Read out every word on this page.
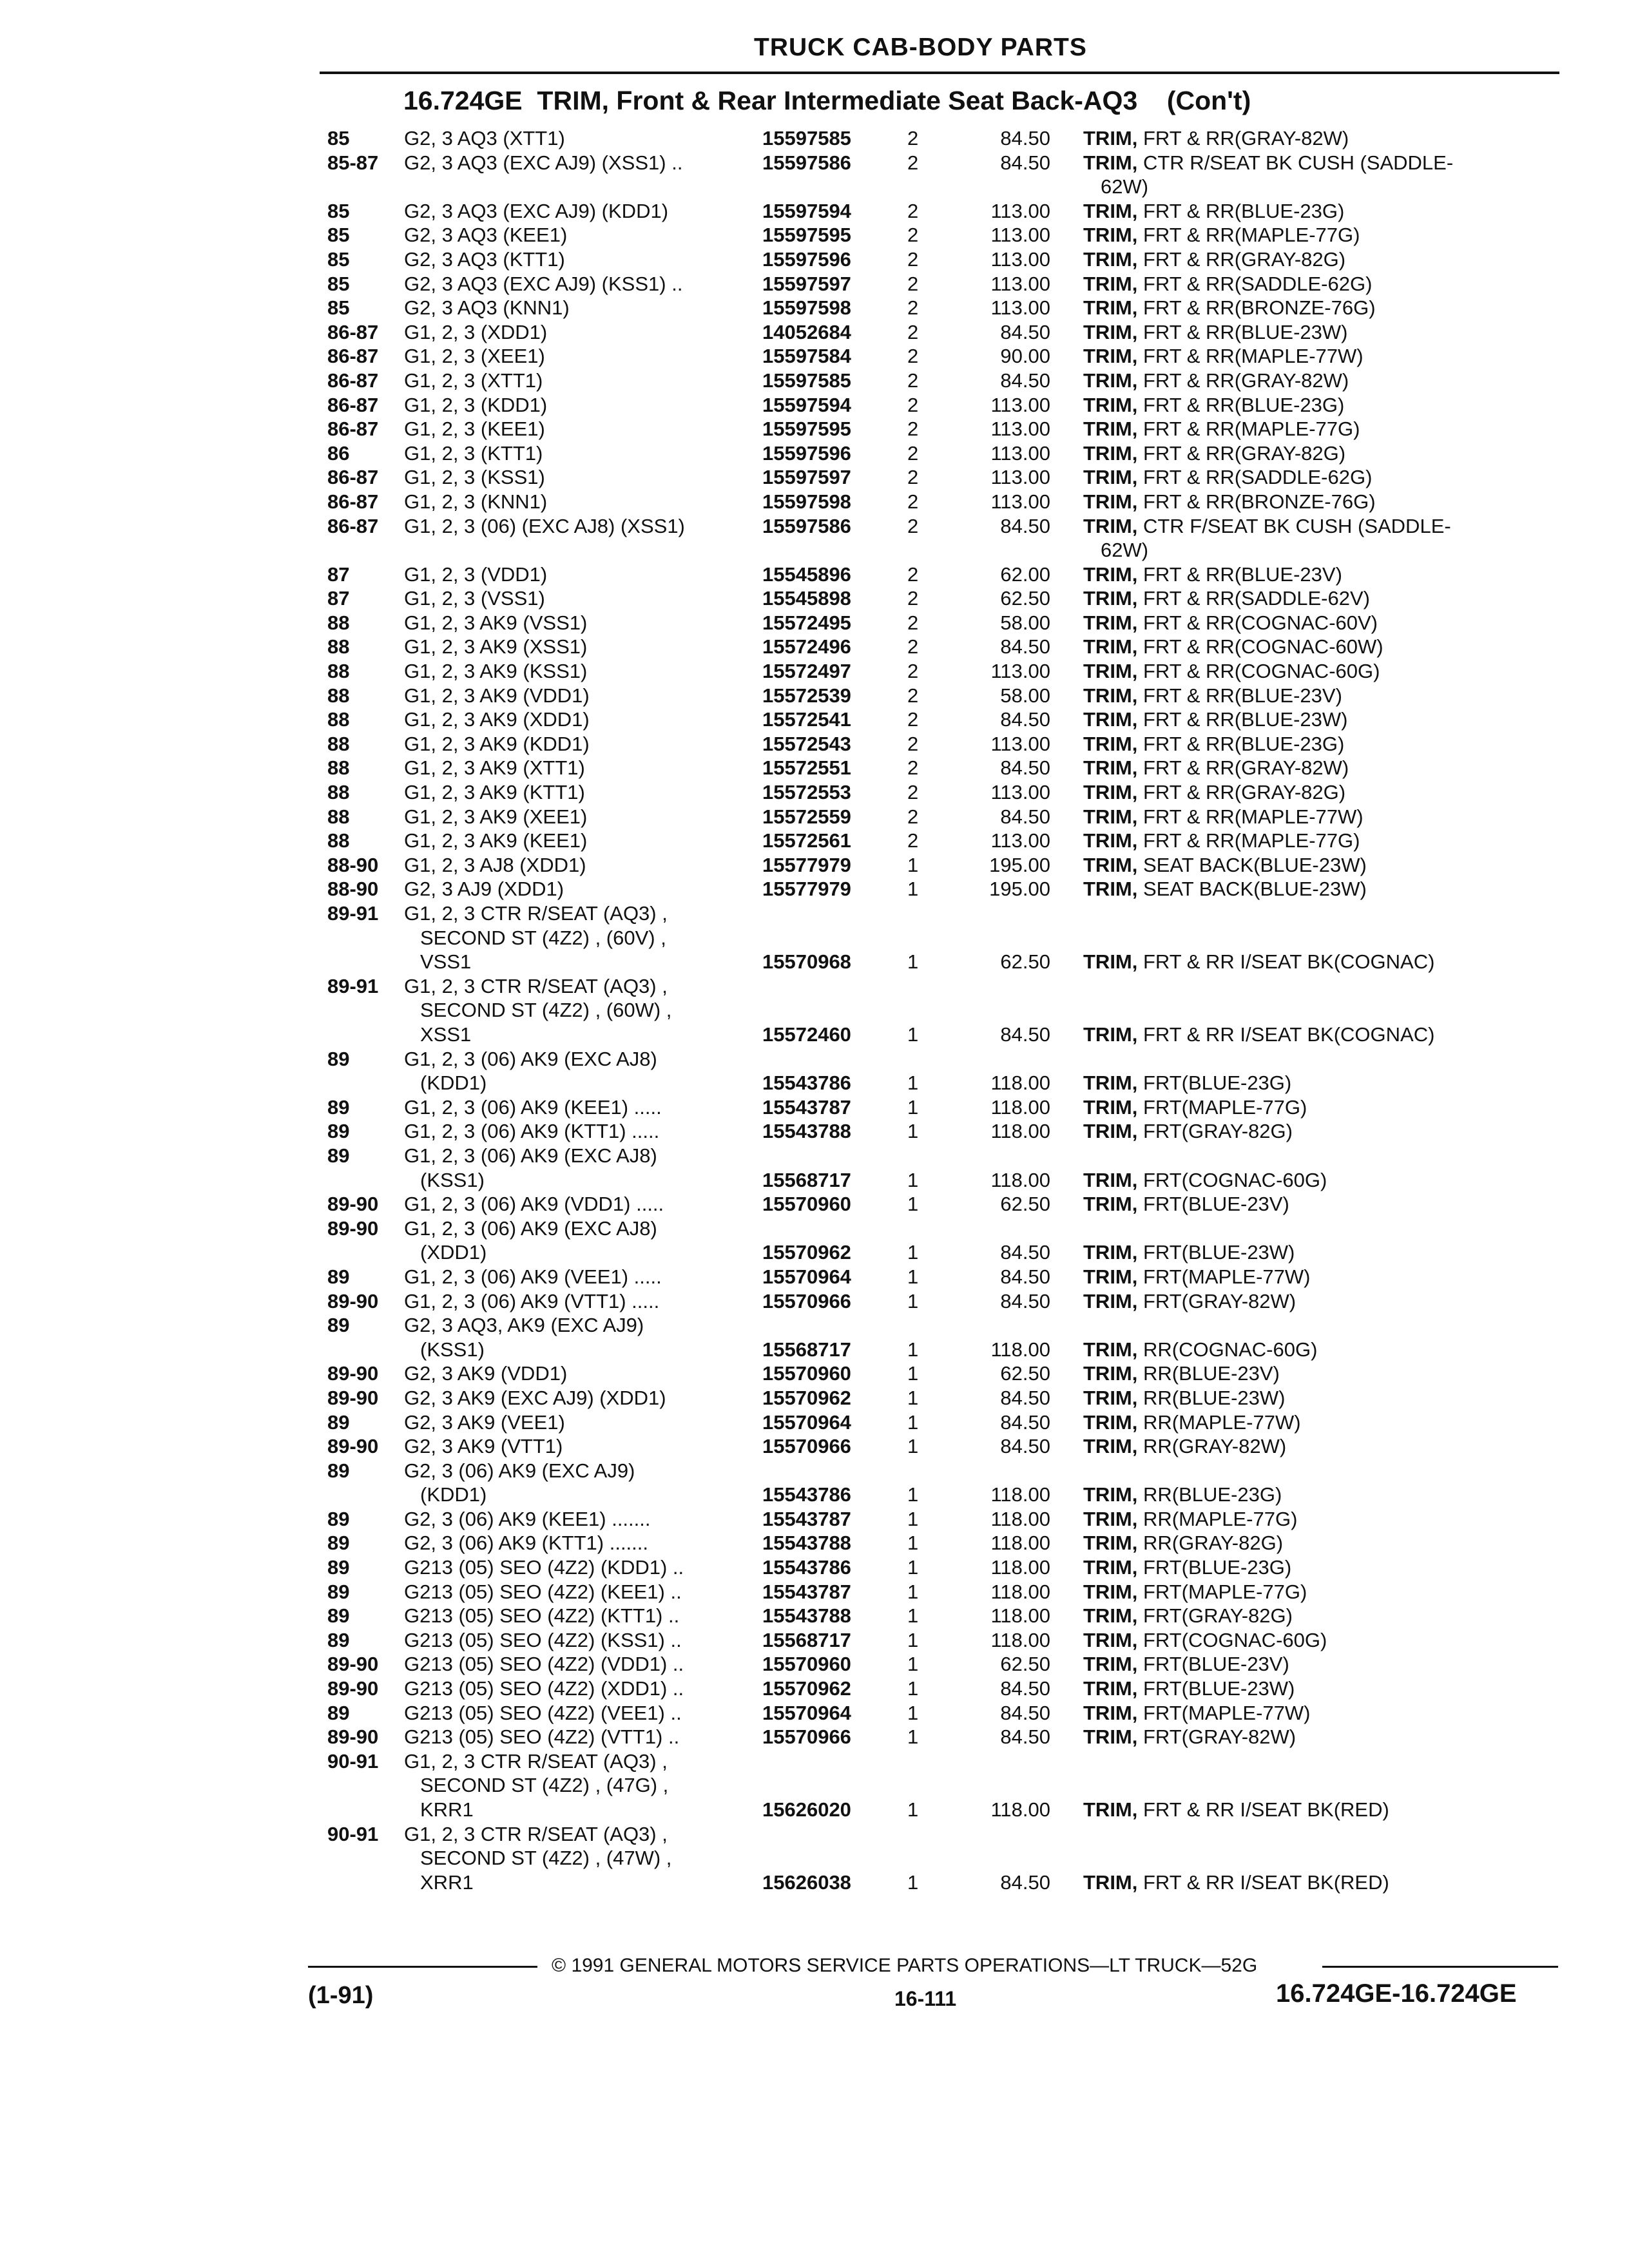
TRUCK CAB-BODY PARTS
16.724GE  TRIM, Front & Rear Intermediate Seat Back-AQ3    (Con't)
85	G2, 3 AQ3 (XTT1)	15597585	2	84.50 TRIM, FRT & RR(GRAY-82W)
85-87	G2, 3 AQ3 (EXC AJ9) (XSS1) ..	15597586	2	84.50 TRIM, CTR R/SEAT BK CUSH (SADDLE-
62W)
85	G2, 3 AQ3 (EXC AJ9) (KDD1)	15597594	2	113.00 TRIM, FRT & RR(BLUE-23G)
85	G2, 3 AQ3 (KEE1)	15597595	2	113.00 TRIM, FRT & RR(MAPLE-77G)
85	G2, 3 AQ3 (KTT1)	15597596	2	113.00 TRIM, FRT & RR(GRAY-82G)
85	G2, 3 AQ3 (EXC AJ9) (KSS1) ..	15597597	2	113.00 TRIM, FRT & RR(SADDLE-62G)
85	G2, 3 AQ3 (KNN1)	15597598	2	113.00 TRIM, FRT & RR(BRONZE-76G)
86-87	G1, 2, 3 (XDD1)	14052684	2	84.50 TRIM, FRT & RR(BLUE-23W)
86-87	G1, 2, 3 (XEE1)	15597584	2	90.00 TRIM, FRT & RR(MAPLE-77W)
86-87	G1, 2, 3 (XTT1)	15597585	2	84.50 TRIM, FRT & RR(GRAY-82W)
86-87	G1, 2, 3 (KDD1)	15597594	2	113.00 TRIM, FRT & RR(BLUE-23G)
86-87	G1, 2, 3 (KEE1)	15597595	2	113.00 TRIM, FRT & RR(MAPLE-77G)
86	G1, 2, 3 (KTT1)	15597596	2	113.00 TRIM, FRT & RR(GRAY-82G)
86-87	G1, 2, 3 (KSS1)	15597597	2	113.00 TRIM, FRT & RR(SADDLE-62G)
86-87	G1, 2, 3 (KNN1)	15597598	2	113.00 TRIM, FRT & RR(BRONZE-76G)
86-87	G1, 2, 3 (06) (EXC AJ8) (XSS1)	15597586	2	84.50 TRIM, CTR F/SEAT BK CUSH (SADDLE-
62W)
87	G1, 2, 3 (VDD1)	15545896	2	62.00 TRIM, FRT & RR(BLUE-23V)
87	G1, 2, 3 (VSS1)	15545898	2	62.50 TRIM, FRT & RR(SADDLE-62V)
88	G1, 2, 3 AK9 (VSS1)	15572495	2	58.00 TRIM, FRT & RR(COGNAC-60V)
88	G1, 2, 3 AK9 (XSS1)	15572496	2	84.50 TRIM, FRT & RR(COGNAC-60W)
88	G1, 2, 3 AK9 (KSS1)	15572497	2	113.00 TRIM, FRT & RR(COGNAC-60G)
88	G1, 2, 3 AK9 (VDD1)	15572539	2	58.00 TRIM, FRT & RR(BLUE-23V)
88	G1, 2, 3 AK9 (XDD1)	15572541	2	84.50 TRIM, FRT & RR(BLUE-23W)
88	G1, 2, 3 AK9 (KDD1)	15572543	2	113.00 TRIM, FRT & RR(BLUE-23G)
88	G1, 2, 3 AK9 (XTT1)	15572551	2	84.50 TRIM, FRT & RR(GRAY-82W)
88	G1, 2, 3 AK9 (KTT1)	15572553	2	113.00 TRIM, FRT & RR(GRAY-82G)
88	G1, 2, 3 AK9 (XEE1)	15572559	2	84.50 TRIM, FRT & RR(MAPLE-77W)
88	G1, 2, 3 AK9 (KEE1)	15572561	2	113.00 TRIM, FRT & RR(MAPLE-77G)
88-90	G1, 2, 3 AJ8 (XDD1)	15577979	1	195.00 TRIM, SEAT BACK(BLUE-23W)
88-90	G2, 3 AJ9 (XDD1)	15577979	1	195.00 TRIM, SEAT BACK(BLUE-23W)
89-91	G1, 2, 3 CTR R/SEAT (AQ3) ,
SECOND ST (4Z2) , (60V) ,
VSS1	15570968	1	62.50 TRIM, FRT & RR I/SEAT BK(COGNAC)
89-91	G1, 2, 3 CTR R/SEAT (AQ3) ,
SECOND ST (4Z2) , (60W) ,
XSS1	15572460	1	84.50 TRIM, FRT & RR I/SEAT BK(COGNAC)
89	G1, 2, 3 (06) AK9 (EXC AJ8)
(KDD1)	15543786	1	118.00 TRIM, FRT(BLUE-23G)
89	G1, 2, 3 (06) AK9 (KEE1) .....	15543787	1	118.00 TRIM, FRT(MAPLE-77G)
89	G1, 2, 3 (06) AK9 (KTT1) .....	15543788	1	118.00 TRIM, FRT(GRAY-82G)
89	G1, 2, 3 (06) AK9 (EXC AJ8)
(KSS1)	15568717	1	118.00 TRIM, FRT(COGNAC-60G)
89-90	G1, 2, 3 (06) AK9 (VDD1) .....	15570960	1	62.50 TRIM, FRT(BLUE-23V)
89-90	G1, 2, 3 (06) AK9 (EXC AJ8)
(XDD1)	15570962	1	84.50 TRIM, FRT(BLUE-23W)
89	G1, 2, 3 (06) AK9 (VEE1) .....	15570964	1	84.50 TRIM, FRT(MAPLE-77W)
89-90	G1, 2, 3 (06) AK9 (VTT1) .....	15570966	1	84.50 TRIM, FRT(GRAY-82W)
89	G2, 3 AQ3, AK9 (EXC AJ9)
(KSS1)	15568717	1	118.00 TRIM, RR(COGNAC-60G)
89-90	G2, 3 AK9 (VDD1)	15570960	1	62.50 TRIM, RR(BLUE-23V)
89-90	G2, 3 AK9 (EXC AJ9) (XDD1)	15570962	1	84.50 TRIM, RR(BLUE-23W)
89	G2, 3 AK9 (VEE1)	15570964	1	84.50 TRIM, RR(MAPLE-77W)
89-90	G2, 3 AK9 (VTT1)	15570966	1	84.50 TRIM, RR(GRAY-82W)
89	G2, 3 (06) AK9 (EXC AJ9)
(KDD1)	15543786	1	118.00 TRIM, RR(BLUE-23G)
89	G2, 3 (06) AK9 (KEE1) .......	15543787	1	118.00 TRIM, RR(MAPLE-77G)
89	G2, 3 (06) AK9 (KTT1) .......	15543788	1	118.00 TRIM, RR(GRAY-82G)
89	G213 (05) SEO (4Z2) (KDD1) ..	15543786	1	118.00 TRIM, FRT(BLUE-23G)
89	G213 (05) SEO (4Z2) (KEE1) ..	15543787	1	118.00 TRIM, FRT(MAPLE-77G)
89	G213 (05) SEO (4Z2) (KTT1) ..	15543788	1	118.00 TRIM, FRT(GRAY-82G)
89	G213 (05) SEO (4Z2) (KSS1) ..	15568717	1	118.00 TRIM, FRT(COGNAC-60G)
89-90	G213 (05) SEO (4Z2) (VDD1) ..	15570960	1	62.50 TRIM, FRT(BLUE-23V)
89-90	G213 (05) SEO (4Z2) (XDD1) ..	15570962	1	84.50 TRIM, FRT(BLUE-23W)
89	G213 (05) SEO (4Z2) (VEE1) ..	15570964	1	84.50 TRIM, FRT(MAPLE-77W)
89-90	G213 (05) SEO (4Z2) (VTT1) ..	15570966	1	84.50 TRIM, FRT(GRAY-82W)
90-91	G1, 2, 3 CTR R/SEAT (AQ3) ,
SECOND ST (4Z2) , (47G) ,
KRR1	15626020	1	118.00 TRIM, FRT & RR I/SEAT BK(RED)
90-91	G1, 2, 3 CTR R/SEAT (AQ3) ,
SECOND ST (4Z2) , (47W) ,
XRR1	15626038	1	84.50 TRIM, FRT & RR I/SEAT BK(RED)
© 1991 GENERAL MOTORS SERVICE PARTS OPERATIONS—LT TRUCK—52G
(1-91)	16-111	16.724GE-16.724GE
